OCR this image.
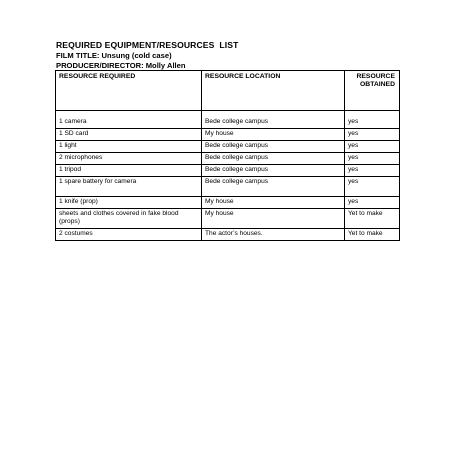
REQUIRED EQUIPMENT/RESOURCES  LIST
FILM TITLE: Unsung (cold case)
PRODUCER/DIRECTOR: Molly Allen
RESOURCE REQUIRED	RESOURCE LOCATION	RESOURCE OBTAINED
1 camera	Bede college campus	yes
1 SD card	My house	yes
1 light	Bede college campus	yes
2 microphones	Bede college campus	yes
1 tripod	Bede college campus	yes
1 spare battery for camera	Bede college campus	yes
1 knife (prop)	My house	yes
sheets and clothes covered in fake blood (props)	My house	Yet to make
2 costumes	The actor’s houses.	Yet to make
